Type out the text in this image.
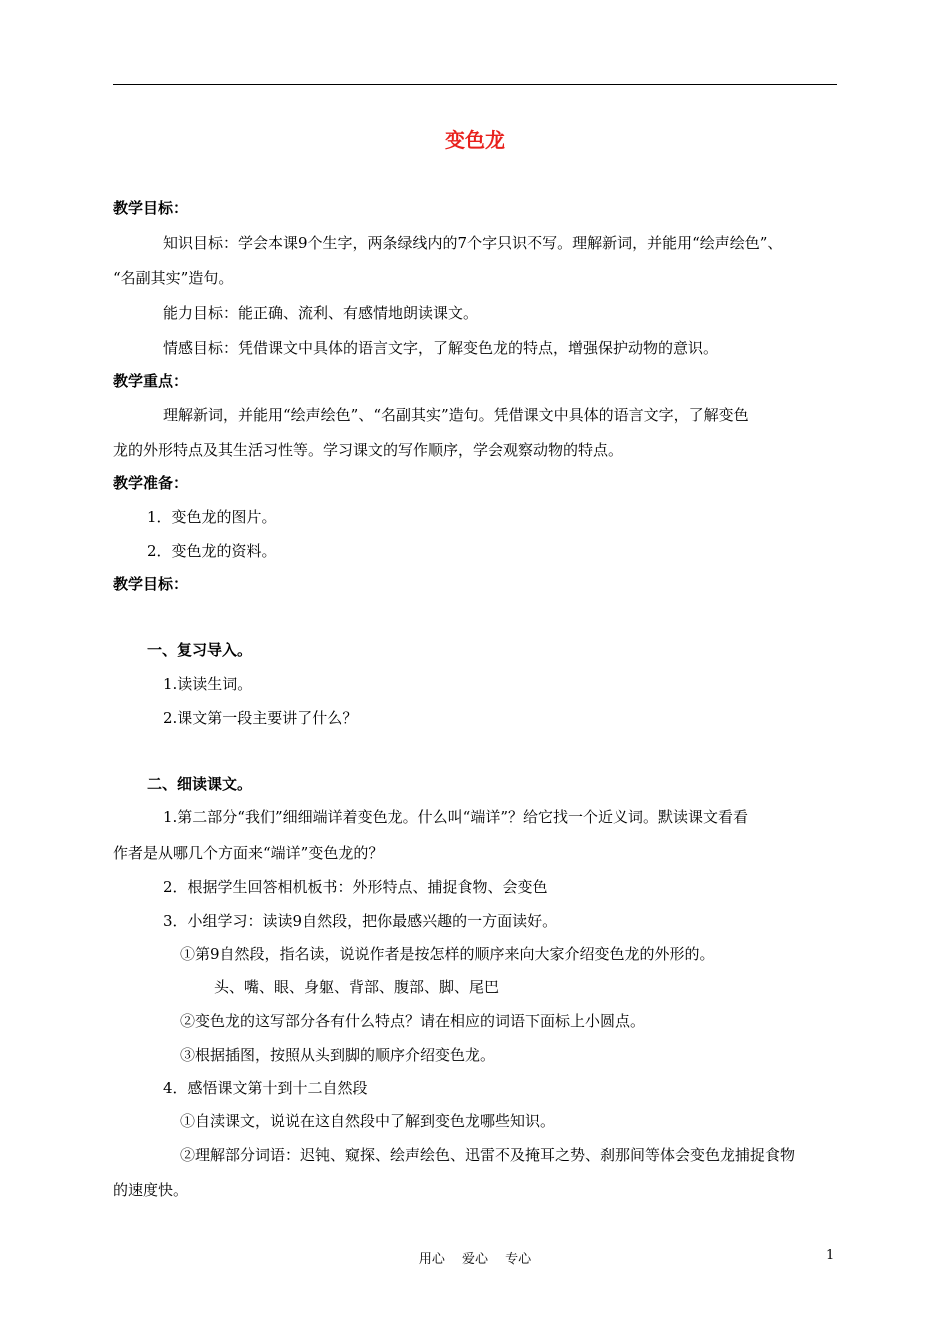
变色龙
教学目标：
知识目标：学会本课9个生字，两条绿线内的7个字只识不写。理解新词，并能用“绘声绘色”、
“名副其实”造句。
能力目标：能正确、流利、有感情地朗读课文。
情感目标：凭借课文中具体的语言文字，了解变色龙的特点，增强保护动物的意识。
教学重点：
理解新词，并能用“绘声绘色”、“名副其实”造句。凭借课文中具体的语言文字，了解变色
龙的外形特点及其生活习性等。学习课文的写作顺序，学会观察动物的特点。
教学准备：
1．变色龙的图片。
2．变色龙的资料。
教学目标：
一、复习导入。
1.读读生词。
2.课文第一段主要讲了什么？
二、细读课文。
1.第二部分“我们”细细端详着变色龙。什么叫“端详”？给它找一个近义词。默读课文看看
作者是从哪几个方面来“端详”变色龙的？
2．根据学生回答相机板书：外形特点、捕捉食物、会变色
3．小组学习：读读9自然段，把你最感兴趣的一方面读好。
①第9自然段，指名读，说说作者是按怎样的顺序来向大家介绍变色龙的外形的。
头、嘴、眼、身躯、背部、腹部、脚、尾巴
②变色龙的这写部分各有什么特点？请在相应的词语下面标上小圆点。
③根据插图，按照从头到脚的顺序介绍变色龙。
4．感悟课文第十到十二自然段
①自渎课文，说说在这自然段中了解到变色龙哪些知识。
②理解部分词语：迟钝、窥探、绘声绘色、迅雷不及掩耳之势、刹那间等体会变色龙捕捉食物
的速度快。
用心　 爱心　 专心	1
